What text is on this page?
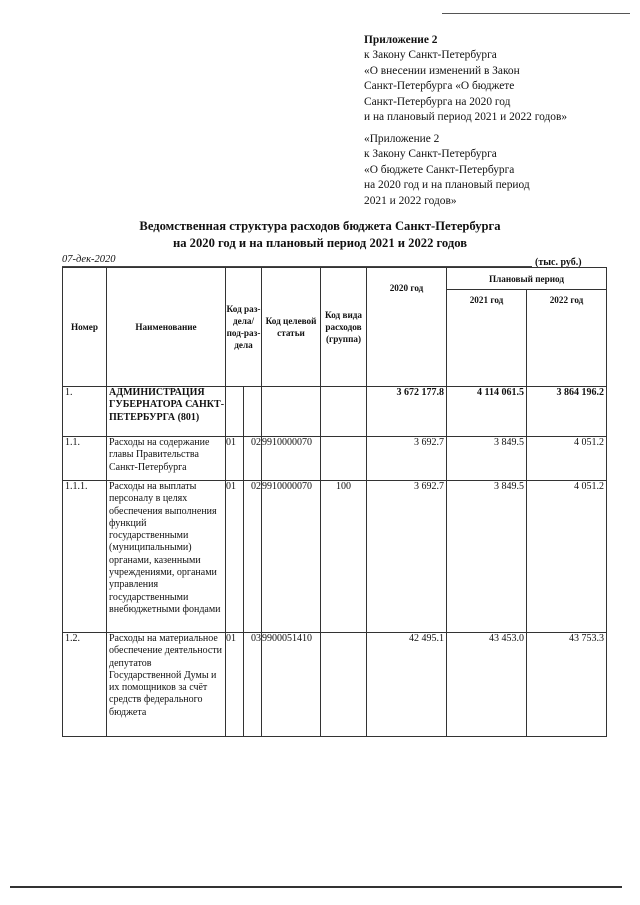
Приложение 2
к Закону Санкт-Петербурга
«О внесении изменений в Закон
Санкт-Петербурга «О бюджете
Санкт-Петербурга на 2020 год
и на плановый период 2021 и 2022 годов»
«Приложение 2
к Закону Санкт-Петербурга
«О бюджете Санкт-Петербурга
на 2020 год и на плановый период
2021 и 2022 годов»
Ведомственная структура расходов бюджета Санкт-Петербурга
на 2020 год и на плановый период 2021 и 2022 годов
07-дек-2020	(тыс. руб.)
Номер	Наименование	Код раз-дела/ под-раз-дела		Код целевой статьи	Код вида расходов (группа)	2020 год	Плановый период	
							2021 год	2022 год
1.	АДМИНИСТРАЦИЯ ГУБЕРНАТОРА САНКТ-ПЕТЕРБУРГА (801)					3 672 177.8	4 114 061.5	3 864 196.2
1.1.	Расходы на содержание главы Правительства Санкт-Петербурга	01	02	9910000070		3 692.7	3 849.5	4 051.2
1.1.1.	Расходы на выплаты персоналу в целях обеспечения выполнения функций государственными (муниципальными) органами, казенными учреждениями, органами управления государственными внебюджетными фондами	01	02	9910000070	100	3 692.7	3 849.5	4 051.2
1.2.	Расходы на материальное обеспечение деятельности депутатов Государственной Думы и их помощников за счёт средств федерального бюджета	01	03	9900051410		42 495.1	43 453.0	43 753.3
